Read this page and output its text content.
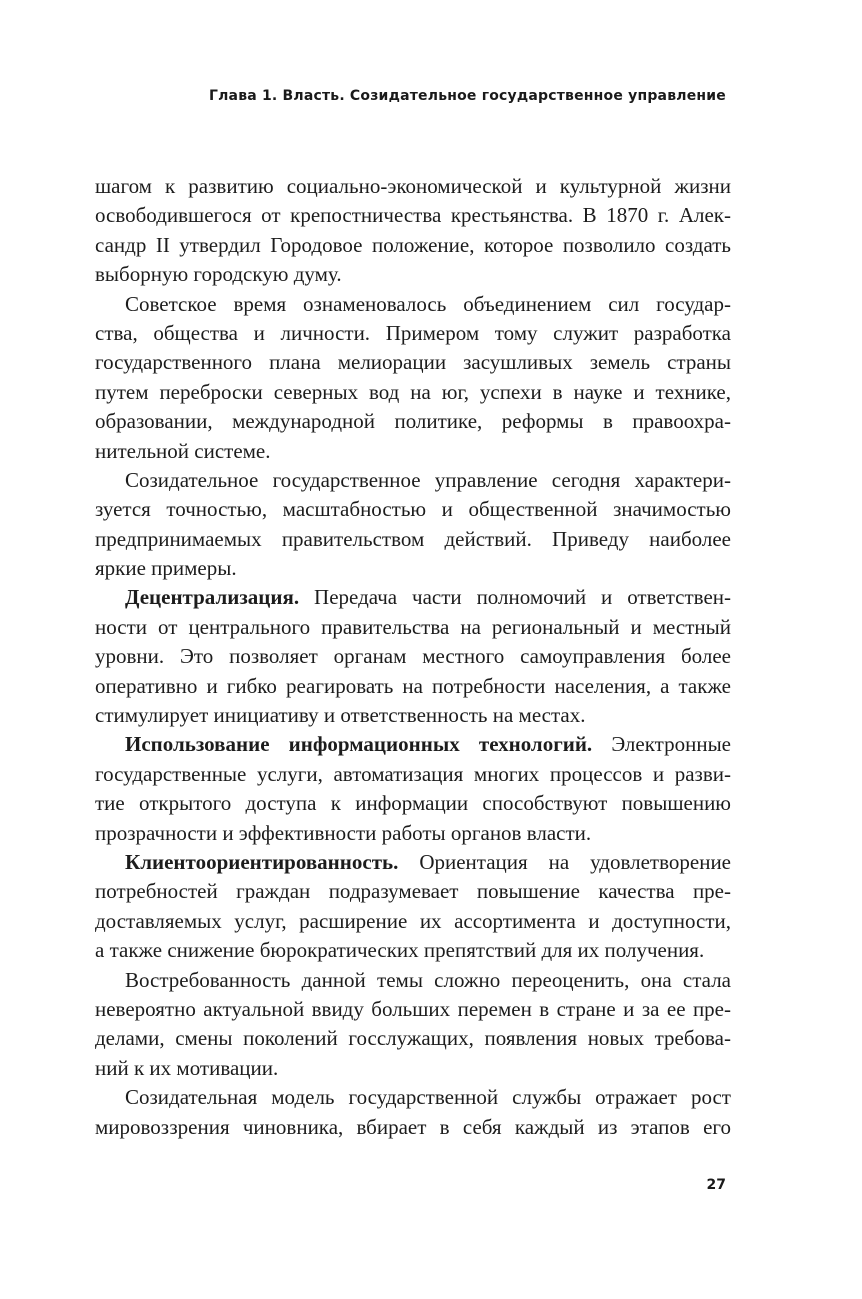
Глава 1. Власть. Созидательное государственное управление
шагом к развитию социально-экономической и культурной жизни
освободившегося от крепостничества крестьянства. В 1870 г. Алек-
сандр II утвердил Городовое положение, которое позволило создать
выборную городскую думу.
Советское время ознаменовалось объединением сил государ-
ства, общества и личности. Примером тому служит разработка
государственного плана мелиорации засушливых земель страны
путем переброски северных вод на юг, успехи в науке и технике,
образовании, международной политике, реформы в правоохра-
нительной системе.
Созидательное государственное управление сегодня характери-
зуется точностью, масштабностью и общественной значимостью
предпринимаемых правительством действий. Приведу наиболее
яркие примеры.
Децентрализация. Передача части полномочий и ответствен-
ности от центрального правительства на региональный и местный
уровни. Это позволяет органам местного самоуправления более
оперативно и гибко реагировать на потребности населения, а также
стимулирует инициативу и ответственность на местах.
Использование информационных технологий. Электронные
государственные услуги, автоматизация многих процессов и разви-
тие открытого доступа к информации способствуют повышению
прозрачности и эффективности работы органов власти.
Клиентоориентированность. Ориентация на удовлетворение
потребностей граждан подразумевает повышение качества пре-
доставляемых услуг, расширение их ассортимента и доступности,
а также снижение бюрократических препятствий для их получения.
Востребованность данной темы сложно переоценить, она стала
невероятно актуальной ввиду больших перемен в стране и за ее пре-
делами, смены поколений госслужащих, появления новых требова-
ний к их мотивации.
Созидательная модель государственной службы отражает рост
мировоззрения чиновника, вбирает в себя каждый из этапов его
27
